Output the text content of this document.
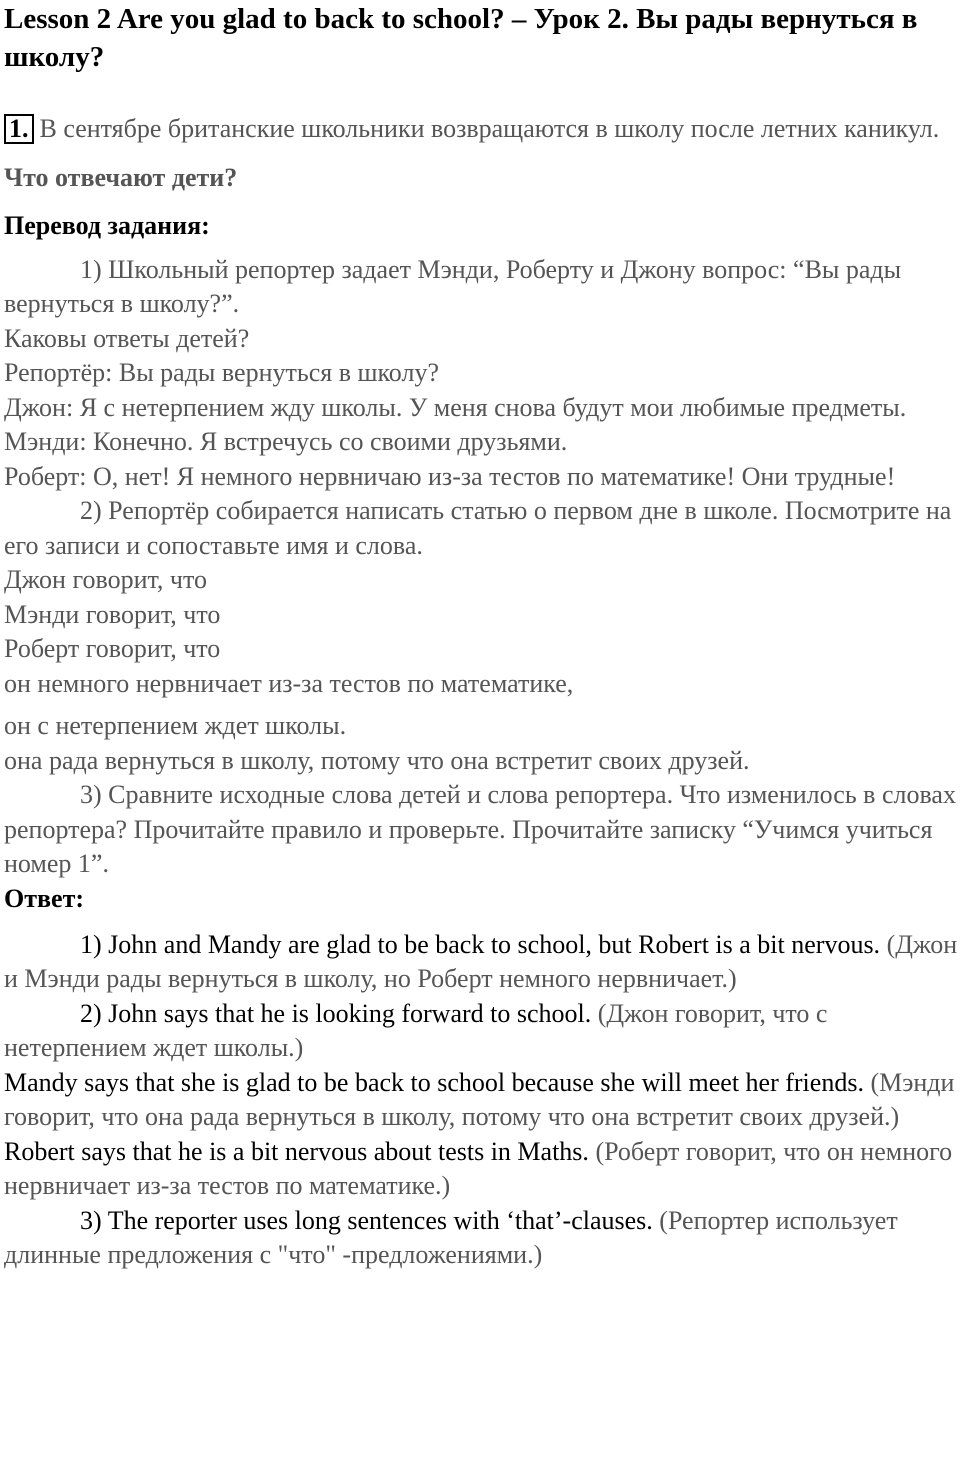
Lesson 2 Are you glad to back to school? – Урок 2. Вы рады вернуться в школу?
1. В сентябре британские школьники возвращаются в школу после летних каникул.
Что отвечают дети?
Перевод задания:

1) Школьный репортер задает Мэнди, Роберту и Джону вопрос: “Вы рады вернуться в школу?”.

Каковы ответы детей?

Репортёр: Вы рады вернуться в школу?

Джон: Я с нетерпением жду школы. У меня снова будут мои любимые предметы.

Мэнди: Конечно. Я встречусь со своими друзьями.

Роберт: О, нет! Я немного нервничаю из-за тестов по математике! Они трудные!

2) Репортёр собирается написать статью о первом дне в школе. Посмотрите на его записи и сопоставьте имя и слова.

Джон говорит, что

Мэнди говорит, что

Роберт говорит, что

он немного нервничает из-за тестов по математике,

он с нетерпением ждет школы.

она рада вернуться в школу, потому что она встретит своих друзей.

3) Сравните исходные слова детей и слова репортера. Что изменилось в словах репортера? Прочитайте правило и проверьте. Прочитайте записку “Учимся учиться номер 1”.

Ответ:

1) John and Mandy are glad to be back to school, but Robert is a bit nervous. (Джон и Мэнди рады вернуться в школу, но Роберт немного нервничает.)

2) John says that he is looking forward to school. (Джон говорит, что с нетерпением ждет школы.)

Mandy says that she is glad to be back to school because she will meet her friends. (Мэнди говорит, что она рада вернуться в школу, потому что она встретит своих друзей.)

Robert says that he is a bit nervous about tests in Maths. (Роберт говорит, что он немного нервничает из-за тестов по математике.)

3) The reporter uses long sentences with ‘that’-clauses. (Репортер использует длинные предложения с "что" -предложениями.)
